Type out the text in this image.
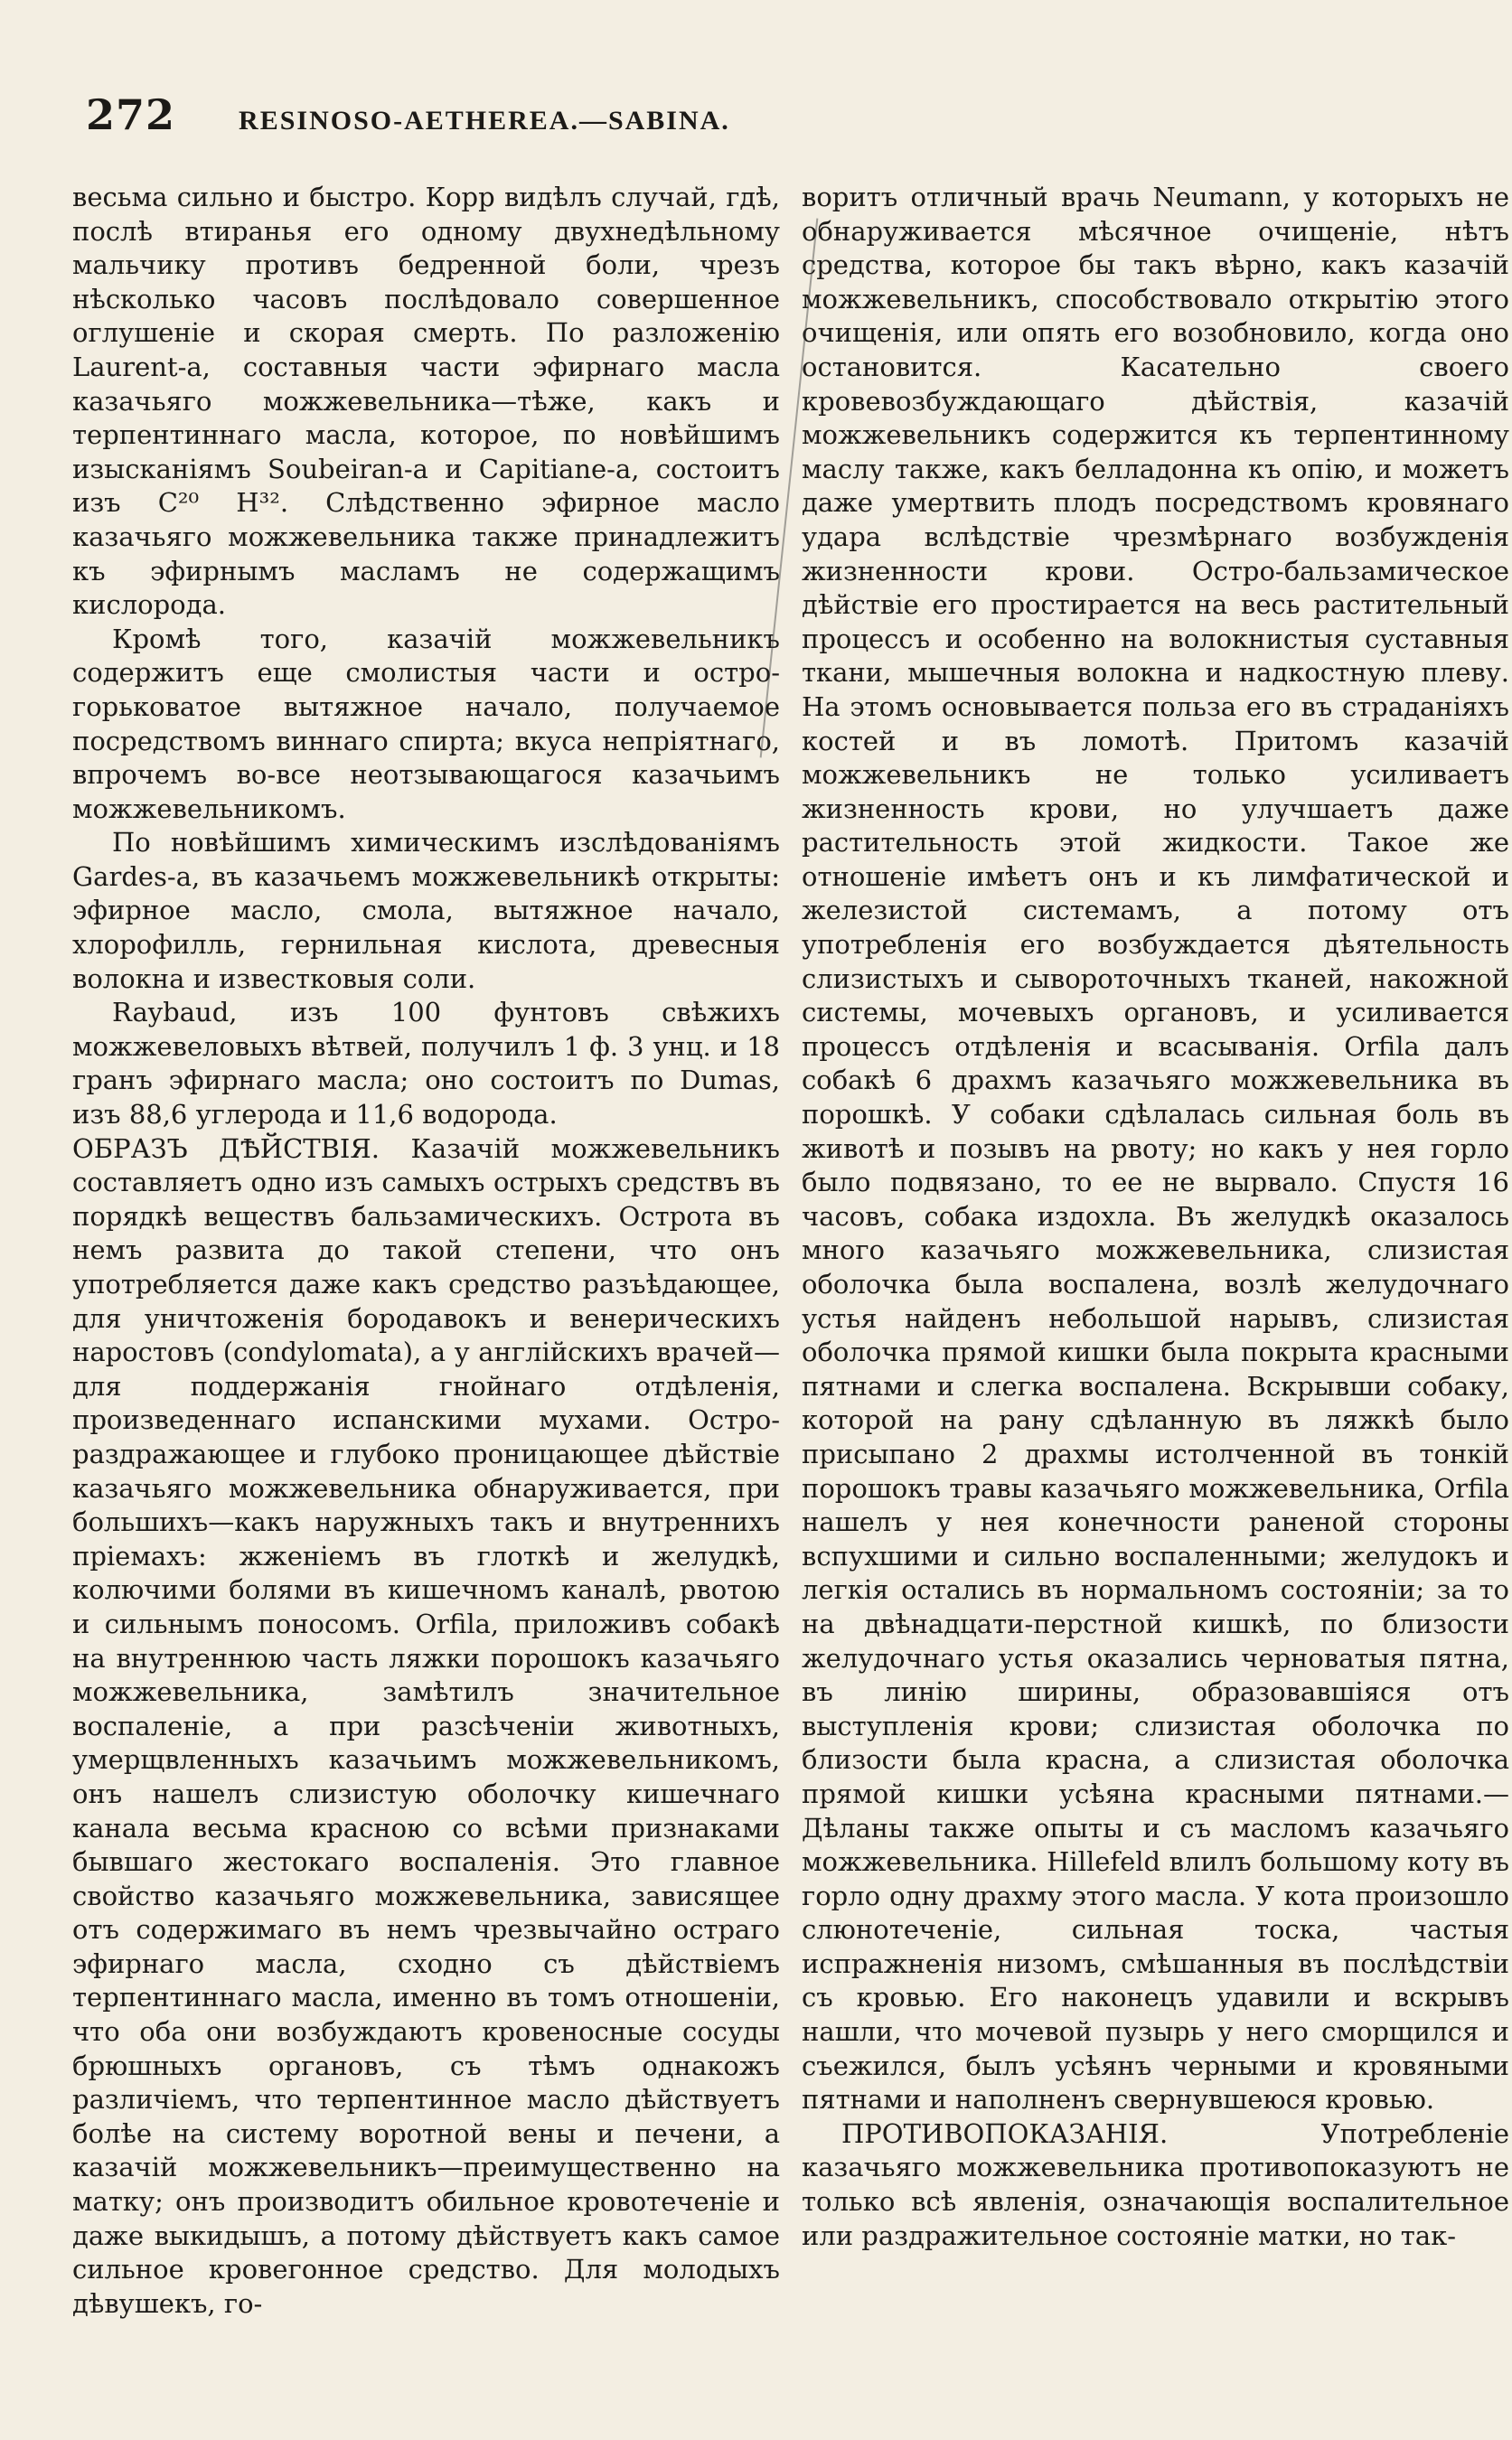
272 RESINOSO-AETHEREA.—SABINA.

весьма сильно и быстро. Корр видѣлъ случай, гдѣ, послѣ втиранья его одному двухнедѣльному мальчику противъ бедренной боли, чрезъ нѣсколько часовъ послѣдовало совершенное оглушеніе и скорая смерть. По разложенію Laurent-а, составныя части эфирнаго масла казачьяго можжевельника—тѣже, какъ и терпентиннаго масла, которое, по новѣйшимъ изысканіямъ Soubeiran-а и Capitiane-а, состоитъ изъ C²⁰ H³². Слѣдственно эфирное масло казачьяго можжевельника также принадлежитъ къ эфирнымъ масламъ не содержащимъ кислорода.

Кромѣ того, казачій можжевельникъ содержитъ еще смолистыя части и остро-горьковатое вытяжное начало, получаемое посредствомъ виннаго спирта; вкуса непріятнаго, впрочемъ во-все неотзывающагося казачьимъ можжевельникомъ.

По новѣйшимъ химическимъ изслѣдованіямъ Gardes-а, въ казачьемъ можжевельникѣ открыты: эфирное масло, смола, вытяжное начало, хлорофилль, гернильная кислота, древесныя волокна и известковыя соли.

Raybaud, изъ 100 фунтовъ свѣжихъ можжевеловыхъ вѣтвей, получилъ 1 ф. 3 унц. и 18 гранъ эфирнаго масла; оно состоитъ по Dumas, изъ 88,6 углерода и 11,6 водорода.

ОБРАЗЪ ДѢЙСТВІЯ. Казачій можжевельникъ составляетъ одно изъ самыхъ острыхъ средствъ въ порядкѣ веществъ бальзамическихъ. Острота въ немъ развита до такой степени, что онъ употребляется даже какъ средство разъѣдающее, для уничтоженія бородавокъ и венерическихъ наростовъ (condylomata), а у англійскихъ врачей—для поддержанія гнойнаго отдѣленія, произведеннаго испанскими мухами. Остро-раздражающее и глубоко проницающее дѣйствіе казачьяго можжевельника обнаруживается, при большихъ—какъ наружныхъ такъ и внутреннихъ пріемахъ: жженіемъ въ глоткѣ и желудкѣ, колючими болями въ кишечномъ каналѣ, рвотою и сильнымъ поносомъ. Orfila, приложивъ собакѣ на внутреннюю часть ляжки порошокъ казачьяго можжевельника, замѣтилъ значительное воспаленіе, а при разсѣченіи животныхъ, умерщвленныхъ казачьимъ можжевельникомъ, онъ нашелъ слизистую оболочку кишечнаго канала весьма красною со всѣми признаками бывшаго жестокаго воспаленія. Это главное свойство казачьяго можжевельника, зависящее отъ содержимаго въ немъ чрезвычайно остраго эфирнаго масла, сходно съ дѣйствіемъ терпентиннаго масла, именно въ томъ отношеніи, что оба они возбуждаютъ кровеносные сосуды брюшныхъ органовъ, съ тѣмъ однакожъ различіемъ, что терпентинное масло дѣйствуетъ болѣе на систему воротной вены и печени, а казачій можжевельникъ—преимущественно на матку; онъ производитъ обильное кровотеченіе и даже выкидышъ, а потому дѣйствуетъ какъ самое сильное кровегонное средство. Для молодыхъ дѣвушекъ, го-

воритъ отличный врачь Neumann, у которыхъ не обнаруживается мѣсячное очищеніе, нѣтъ средства, которое бы такъ вѣрно, какъ казачій можжевельникъ, способствовало открытію этого очищенія, или опять его возобновило, когда оно остановится. Касательно своего кровевозбуждающаго дѣйствія, казачій можжевельникъ содержится къ терпентинному маслу также, какъ белладонна къ опію, и можетъ даже умертвить плодъ посредствомъ кровянаго удара вслѣдствіе чрезмѣрнаго возбужденія жизненности крови. Остро-бальзамическое дѣйствіе его простирается на весь растительный процессъ и особенно на волокнистыя суставныя ткани, мышечныя волокна и надкостную плеву. На этомъ основывается польза его въ страданіяхъ костей и въ ломотѣ. Притомъ казачій можжевельникъ не только усиливаетъ жизненность крови, но улучшаетъ даже растительность этой жидкости. Такое же отношеніе имѣетъ онъ и къ лимфатической и железистой системамъ, а потому отъ употребленія его возбуждается дѣятельность слизистыхъ и сывороточныхъ тканей, накожной системы, мочевыхъ органовъ, и усиливается процессъ отдѣленія и всасыванія. Orfila далъ собакѣ 6 драхмъ казачьяго можжевельника въ порошкѣ. У собаки сдѣлалась сильная боль въ животѣ и позывъ на рвоту; но какъ у нея горло было подвязано, то ее не вырвало. Спустя 16 часовъ, собака издохла. Въ желудкѣ оказалось много казачьяго можжевельника, слизистая оболочка была воспалена, возлѣ желудочнаго устья найденъ небольшой нарывъ, слизистая оболочка прямой кишки была покрыта красными пятнами и слегка воспалена. Вскрывши собаку, которой на рану сдѣланную въ ляжкѣ было присыпано 2 драхмы истолченной въ тонкій порошокъ травы казачьяго можжевельника, Orfila нашелъ у нея конечности раненой стороны вспухшими и сильно воспаленными; желудокъ и легкія остались въ нормальномъ состояніи; за то на двѣнадцати-перстной кишкѣ, по близости желудочнаго устья оказались черноватыя пятна, въ линію ширины, образовавшіяся отъ выступленія крови; слизистая оболочка по близости была красна, а слизистая оболочка прямой кишки усѣяна красными пятнами.—Дѣланы также опыты и съ масломъ казачьяго можжевельника. Hillefeld влилъ большому коту въ горло одну драхму этого масла. У кота произошло слюнотеченіе, сильная тоска, частыя испражненія низомъ, смѣшанныя въ послѣдствіи съ кровью. Его наконецъ удавили и вскрывъ нашли, что мочевой пузырь у него сморщился и съежился, былъ усѣянъ черными и кровяными пятнами и наполненъ свернувшеюся кровью.

ПРОТИВОПОКАЗАНІЯ. Употребленіе казачьяго можжевельника противопоказуютъ не только всѣ явленія, означающія воспалительное или раздражительное состояніе матки, но так-
